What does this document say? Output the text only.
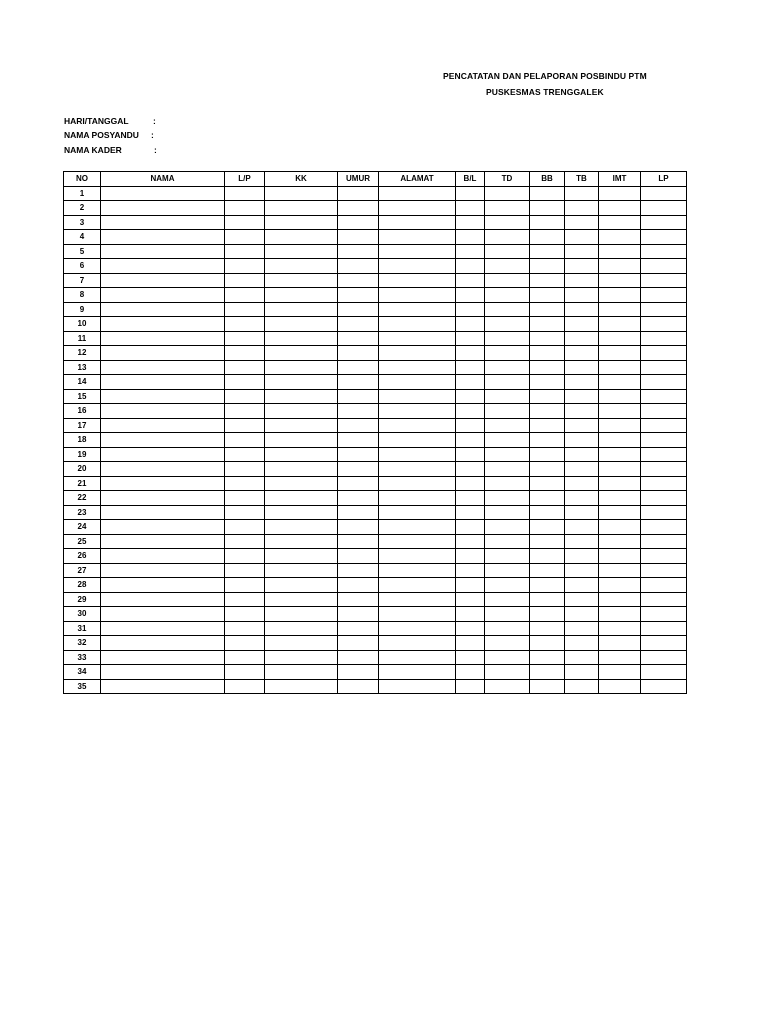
PENCATATAN DAN PELAPORAN POSBINDU PTM
PUSKESMAS TRENGGALEK
HARI/TANGGAL	:
NAMA POSYANDU :
NAMA KADER	:
NO	NAMA	L/P	KK	UMUR	ALAMAT	B/L	TD	BB	TB	IMT	LP
1											
2											
3											
4											
5											
6											
7											
8											
9											
10											
11											
12											
13											
14											
15											
16											
17											
18											
19											
20											
21											
22											
23											
24											
25											
26											
27											
28											
29											
30											
31											
32											
33											
34											
35											
